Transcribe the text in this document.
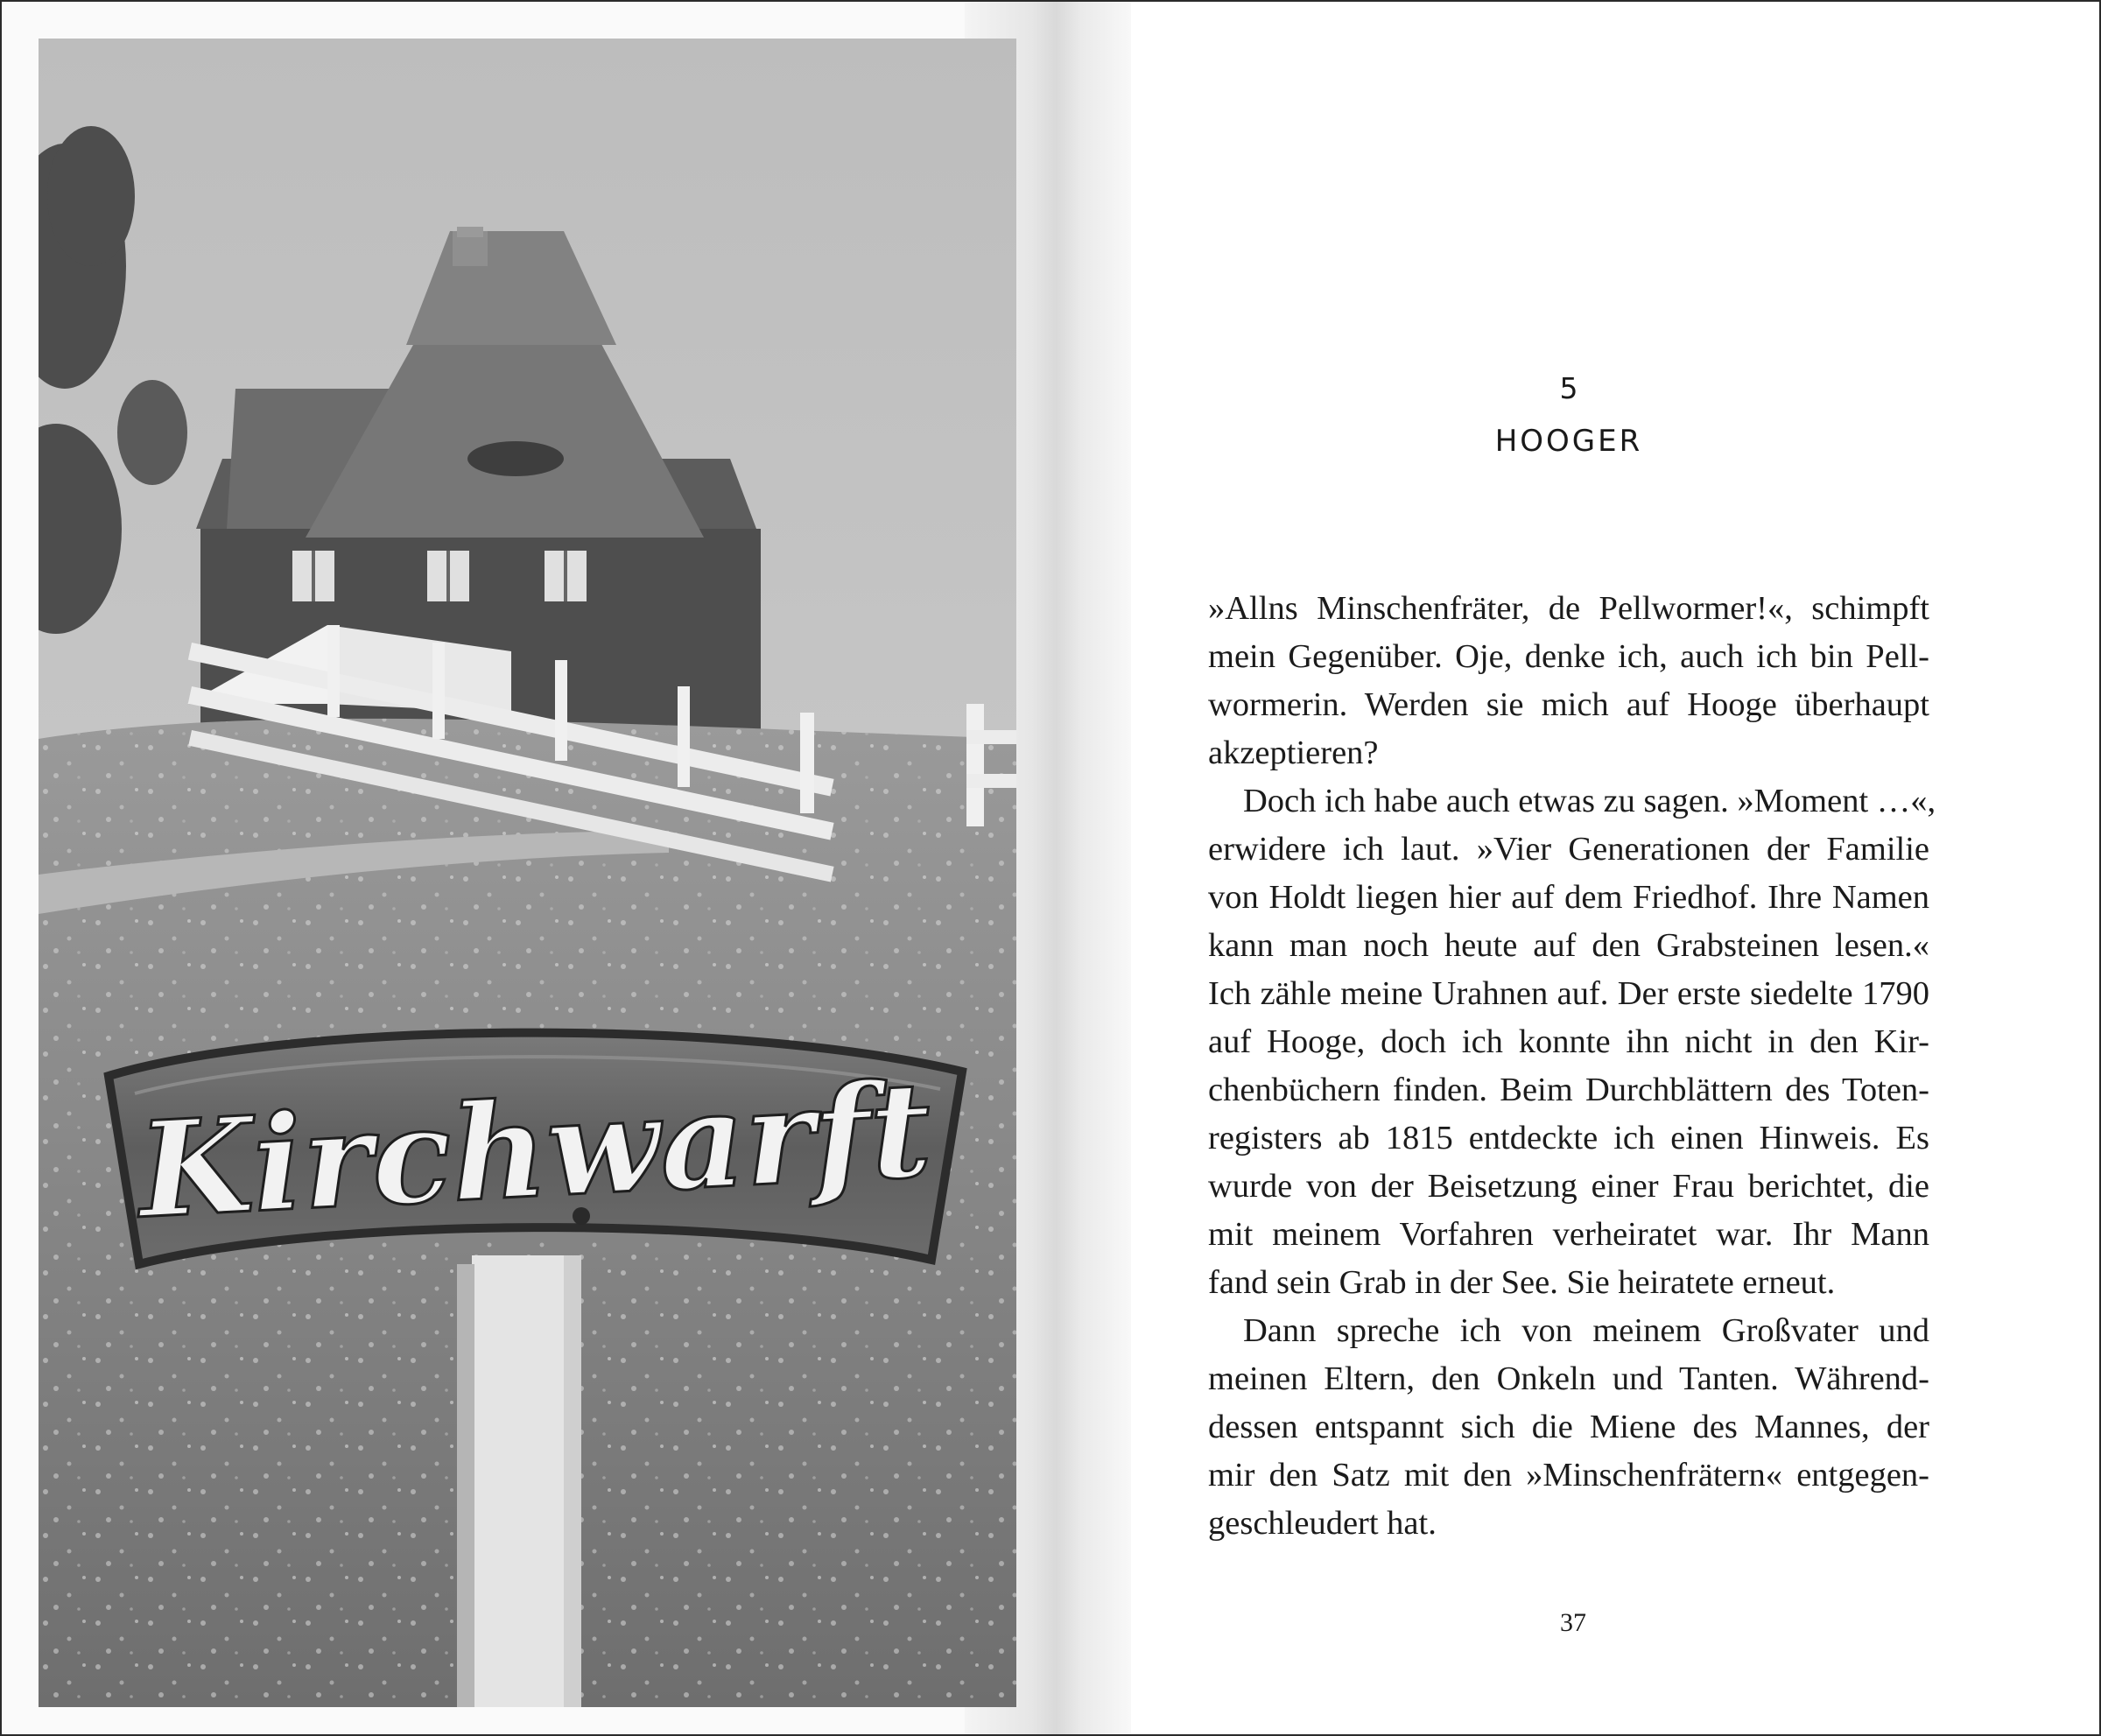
Kirchwarft
5
HOOGER
»Allns Minschenfräter, de Pellwormer!«, schimpft
mein Gegenüber. Oje, denke ich, auch ich bin Pell-
wormerin. Werden sie mich auf Hooge überhaupt
akzeptieren?
Doch ich habe auch etwas zu sagen. »Moment …«,
erwidere ich laut. »Vier Generationen der Familie
von Holdt liegen hier auf dem Friedhof. Ihre Namen
kann man noch heute auf den Grabsteinen lesen.«
Ich zähle meine Urahnen auf. Der erste siedelte 1790
auf Hooge, doch ich konnte ihn nicht in den Kir-
chenbüchern finden. Beim Durchblättern des Toten-
registers ab 1815 entdeckte ich einen Hinweis. Es
wurde von der Beisetzung einer Frau berichtet, die
mit meinem Vorfahren verheiratet war. Ihr Mann
fand sein Grab in der See. Sie heiratete erneut.
Dann spreche ich von meinem Großvater und
meinen Eltern, den Onkeln und Tanten. Während-
dessen entspannt sich die Miene des Mannes, der
mir den Satz mit den »Minschenfrätern« entgegen-
geschleudert hat.
37
